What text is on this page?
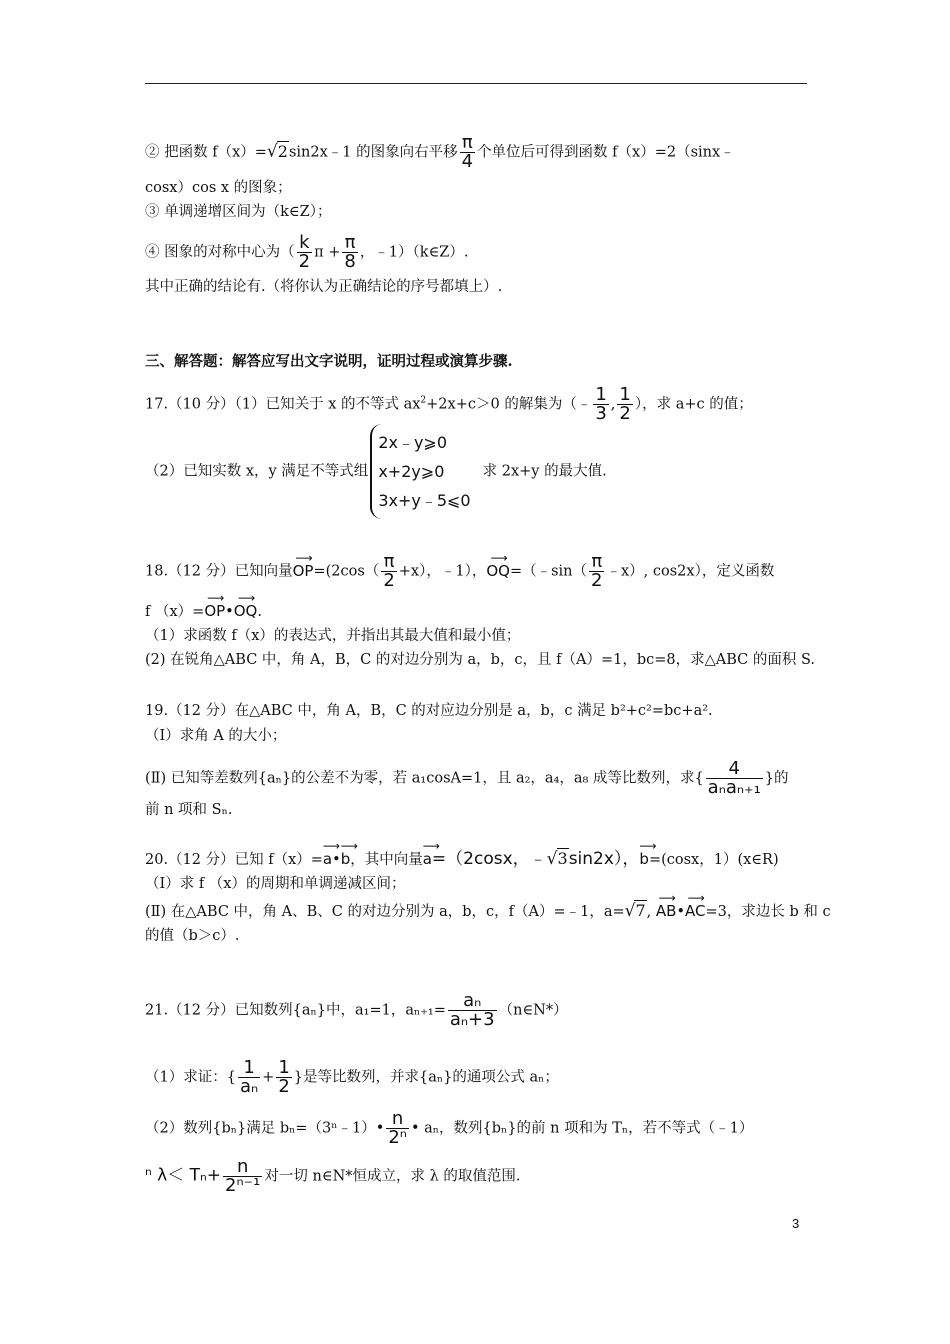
② 把函数 f（x）=√2sin2x﹣1 的图象向右平移 $\frac{\pi}{4}$ 个单位后可得到函数 f（x）=2（sinx﹣
cosx）cos x 的图象；
③ 单调递增区间为（k∈Z）；
④ 图象的对称中心为（ $\frac{k}{2}$ $\pi + \frac{\pi}{8}$ ，﹣1）（k∈Z）.
其中正确的结论有.（将你认为正确结论的序号都填上）.
三、解答题：解答应写出文字说明，证明过程或演算步骤.
17.（10 分）（1）已知关于 x 的不等式 $ax^2+2x+c>0$ 的解集为（﹣ $\frac{1}{3}$ , $\frac{1}{2}$ ），求 a+c 的值；
（2）已知实数 x，y 满足不等式组
2x﹣y⩾0
x+2y⩾0
3x+y﹣5⩽0
求 2x+y 的最大值.
18.（12 分）已知向量⟶ $OP=(2\cos( \frac{\pi}{2} +x)$，﹣1），⟶ OQ=（﹣sin（ $\frac{\pi}{2}$ ﹣x）, cos2x），定义函数
f （x）=⟶ OP•⟶ OQ.
（1）求函数 f（x）的表达式，并指出其最大值和最小值；
(2) 在锐角△ABC 中，角 A，B，C 的对边分别为 a，b，c，且 f（A）=1，bc=8，求△ABC 的面积 S.
19.（12 分）在△ABC 中，角 A，B，C 的对应边分别是 a，b，c 满足 b²+c²=bc+a².
（Ⅰ）求角 A 的大小；
(Ⅱ) 已知等差数列{aₙ}的公差不为零，若 a₁cosA=1，且 a₂，a₄，a₈ 成等比数列，求{ $\frac{4}{\text{aₙaₙ₊₁}}$ }的
前 n 项和 Sₙ.
20.（12 分）已知 f（x）=⟶ a•⟶ b，其中向量⟶ a=（2cosx，﹣√3sin2x），⟶ b=(cosx，1）(x∈R)
（Ⅰ）求 f （x）的周期和单调递减区间；
(Ⅱ) 在△ABC 中，角 A、B、C 的对边分别为 a，b，c，f（A）=﹣1，a=√7, ⟶ AB•⟶ AC=3，求边长 b 和 c
的值（b＞c）.
21.（12 分）已知数列{aₙ}中，a₁=1，$a_{n+1}= \frac{\text{aₙ}}{\text{aₙ+3}}$ （n∈N*）
（1）求证：{ $\frac{1}{\text{aₙ}} + \frac{1}{2}$ }是等比数列，并求{aₙ}的通项公式 aₙ；
（2）数列{bₙ}满足 bₙ=（3ⁿ﹣1）• $\frac{n}{\text{2ⁿ}}$ • aₙ，数列{bₙ}的前 n 项和为 Tₙ，若不等式（﹣1）
ⁿ $\lambda< T_n+ \frac{n}{\text{2ⁿ⁻¹}}$ 对一切 n∈N*恒成立，求 λ 的取值范围.
3
